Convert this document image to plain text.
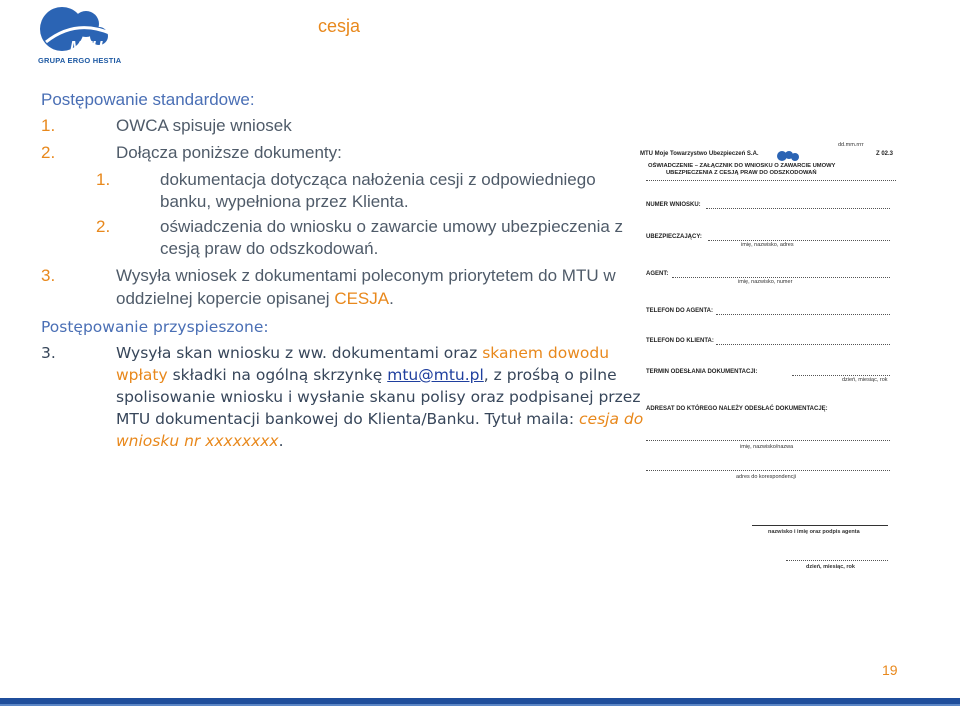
MTU
GRUPA ERGO HESTIA
cesja
Postępowanie standardowe:
1.	OWCA spisuje wniosek
2.	Dołącza poniższe dokumenty:
1.	dokumentacja dotycząca nałożenia cesji z odpowiedniego
banku, wypełniona przez Klienta.
2.	oświadczenia do wniosku o zawarcie umowy ubezpieczenia z
cesją praw do odszkodowań.
3.	Wysyła wniosek z dokumentami poleconym priorytetem do MTU w
oddzielnej kopercie opisanej CESJA.
Postępowanie przyspieszone:
3.	Wysyła skan wniosku z ww. dokumentami oraz skanem dowodu
wpłaty składki na ogólną skrzynkę mtu@mtu.pl, z prośbą o pilne
spolisowanie wniosku i wysłanie skanu polisy oraz podpisanej przez
MTU dokumentacji bankowej do Klienta/Banku. Tytuł maila: cesja do
wniosku nr xxxxxxxx.
MTU Moje Towarzystwo Ubezpieczeń S.A.
dd.mm.rrrr
Z 02.3
OŚWIADCZENIE – ZAŁĄCZNIK DO WNIOSKU O ZAWARCIE UMOWY
UBEZPIECZENIA Z CESJĄ PRAW DO ODSZKODOWAŃ
NUMER WNIOSKU:
UBEZPIECZAJĄCY:
imię, nazwisko, adres
AGENT:
imię, nazwisko, numer
TELEFON DO AGENTA:
TELEFON DO KLIENTA:
TERMIN ODESŁANIA DOKUMENTACJI:
dzień, miesiąc, rok
ADRESAT DO KTÓREGO NALEŻY ODESŁAĆ DOKUMENTACJĘ:
imię, nazwisko/nazwa
adres do korespondencji
nazwisko i imię oraz podpis agenta
dzień, miesiąc, rok
19
